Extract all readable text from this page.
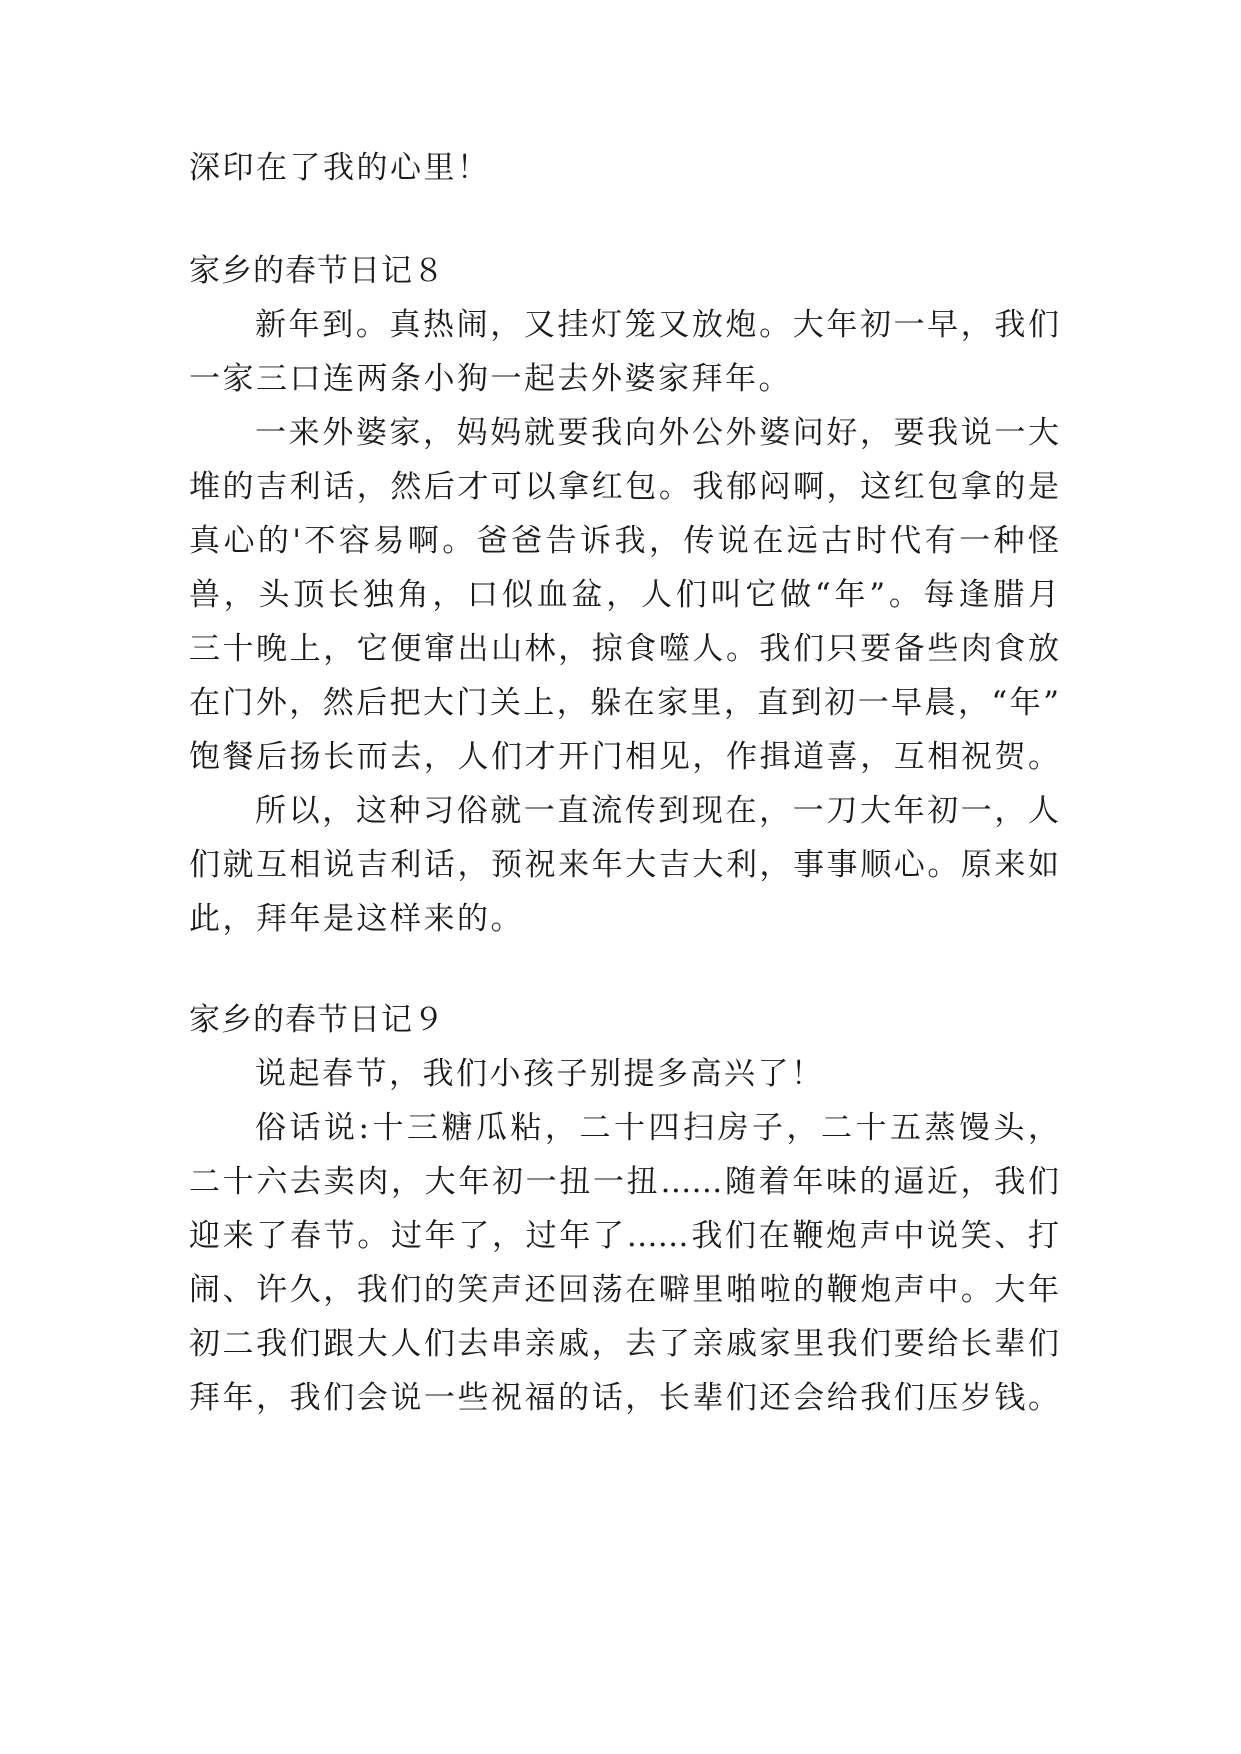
深印在了我的心里！
家乡的春节日记８
新年到。真热闹，又挂灯笼又放炮。大年初一早，我们
一家三口连两条小狗一起去外婆家拜年。
一来外婆家，妈妈就要我向外公外婆问好，要我说一大
堆的吉利话，然后才可以拿红包。我郁闷啊，这红包拿的是
真心的'不容易啊。爸爸告诉我，传说在远古时代有一种怪
兽，头顶长独角，口似血盆，人们叫它做“年”。每逢腊月
三十晚上，它便窜出山林，掠食噬人。我们只要备些肉食放
在门外，然后把大门关上，躲在家里，直到初一早晨，“年”
饱餐后扬长而去，人们才开门相见，作揖道喜，互相祝贺。
所以，这种习俗就一直流传到现在，一刀大年初一，人
们就互相说吉利话，预祝来年大吉大利，事事顺心。原来如
此，拜年是这样来的。
家乡的春节日记９
说起春节，我们小孩子别提多高兴了！
俗话说:十三糖瓜粘，二十四扫房子，二十五蒸馒头，
二十六去卖肉，大年初一扭一扭……随着年味的逼近，我们
迎来了春节。过年了，过年了……我们在鞭炮声中说笑、打
闹、许久，我们的笑声还回荡在噼里啪啦的鞭炮声中。大年
初二我们跟大人们去串亲戚，去了亲戚家里我们要给长辈们
拜年，我们会说一些祝福的话，长辈们还会给我们压岁钱。
